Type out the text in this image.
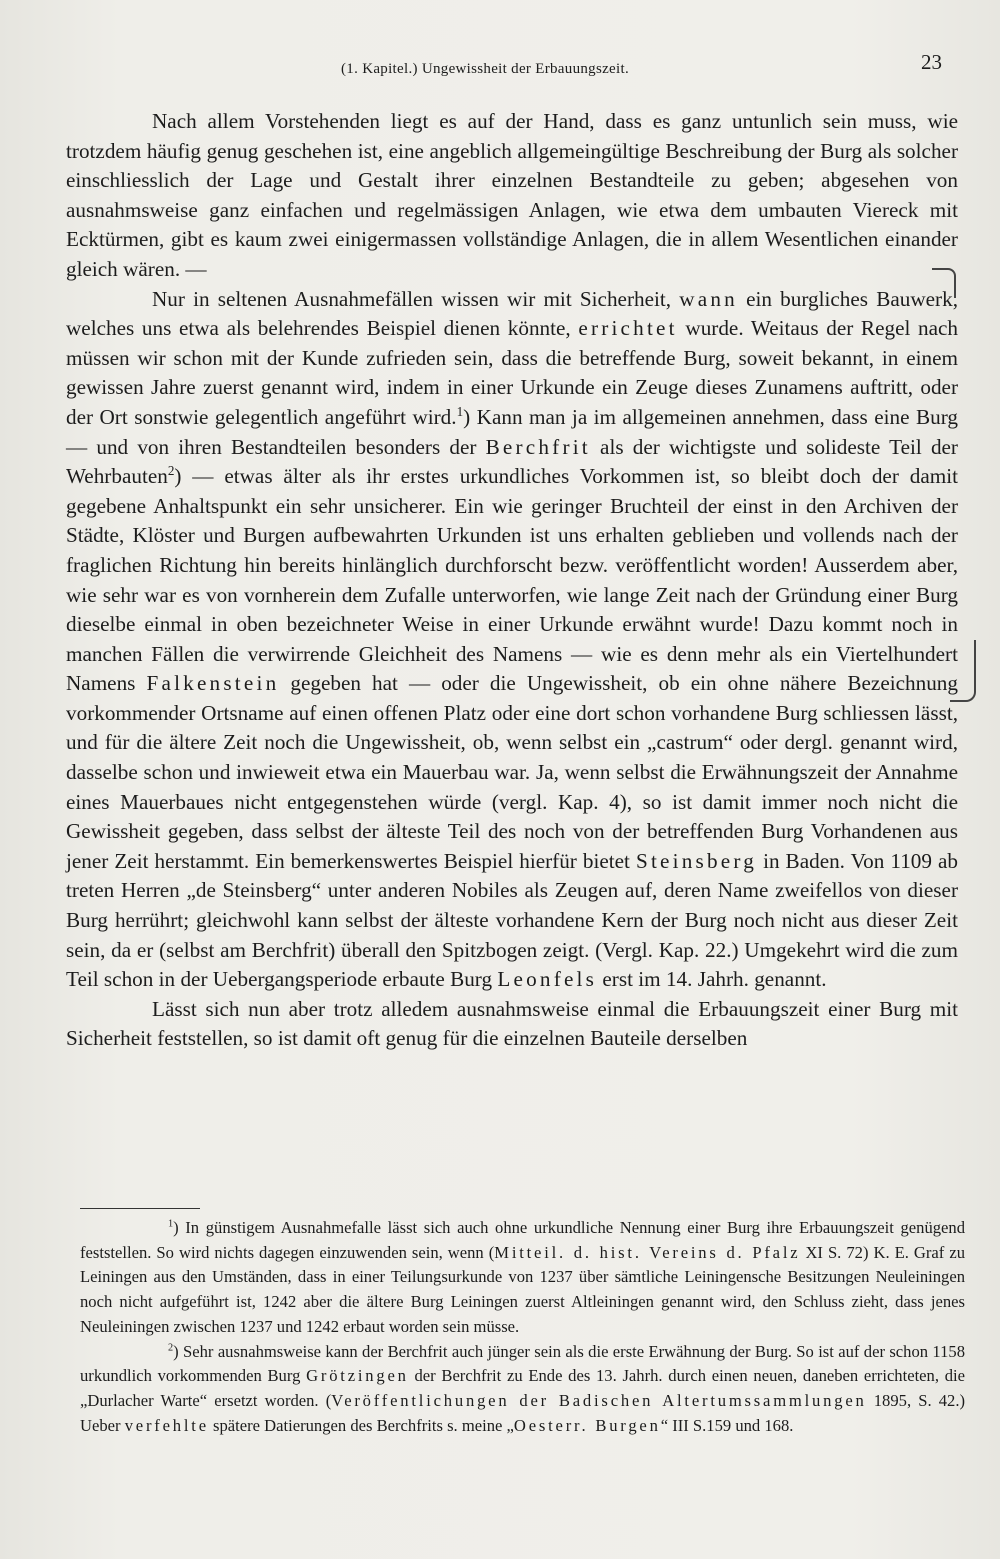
(1. Kapitel.) Ungewissheit der Erbauungszeit.	23

Nach allem Vorstehenden liegt es auf der Hand, dass es ganz untunlich sein muss, wie trotzdem häufig genug geschehen ist, eine angeblich allgemeingültige Beschreibung der Burg als solcher einschliesslich der Lage und Gestalt ihrer einzelnen Bestandteile zu geben; abgesehen von ausnahmsweise ganz einfachen und regelmässigen Anlagen, wie etwa dem umbauten Viereck mit Ecktürmen, gibt es kaum zwei einigermassen vollständige Anlagen, die in allem Wesentlichen einander gleich wären. —

Nur in seltenen Ausnahmefällen wissen wir mit Sicherheit, wann ein burgliches Bauwerk, welches uns etwa als belehrendes Beispiel dienen könnte, errichtet wurde. Weitaus der Regel nach müssen wir schon mit der Kunde zufrieden sein, dass die betreffende Burg, soweit bekannt, in einem gewissen Jahre zuerst genannt wird, indem in einer Urkunde ein Zeuge dieses Zunamens auftritt, oder der Ort sonstwie gelegentlich angeführt wird.$^1$) Kann man ja im allgemeinen annehmen, dass eine Burg — und von ihren Bestandteilen besonders der Berchfrit als der wichtigste und solideste Teil der Wehrbauten$^2$) — etwas älter als ihr erstes urkundliches Vorkommen ist, so bleibt doch der damit gegebene Anhaltspunkt ein sehr unsicherer. Ein wie geringer Bruchteil der einst in den Archiven der Städte, Klöster und Burgen aufbewahrten Urkunden ist uns erhalten geblieben und vollends nach der fraglichen Richtung hin bereits hinlänglich durchforscht bezw. veröffentlicht worden! Ausserdem aber, wie sehr war es von vornherein dem Zufalle unterworfen, wie lange Zeit nach der Gründung einer Burg dieselbe einmal in oben bezeichneter Weise in einer Urkunde erwähnt wurde! Dazu kommt noch in manchen Fällen die verwirrende Gleichheit des Namens — wie es denn mehr als ein Viertelhundert Namens Falkenstein gegeben hat — oder die Ungewissheit, ob ein ohne nähere Bezeichnung vorkommender Ortsname auf einen offenen Platz oder eine dort schon vorhandene Burg schliessen lässt, und für die ältere Zeit noch die Ungewissheit, ob, wenn selbst ein „castrum“ oder dergl. genannt wird, dasselbe schon und inwieweit etwa ein Mauerbau war. Ja, wenn selbst die Erwähnungszeit der Annahme eines Mauerbaues nicht entgegenstehen würde (vergl. Kap. 4), so ist damit immer noch nicht die Gewissheit gegeben, dass selbst der älteste Teil des noch von der betreffenden Burg Vorhandenen aus jener Zeit herstammt. Ein bemerkenswertes Beispiel hierfür bietet Steinsberg in Baden. Von 1109 ab treten Herren „de Steinsberg“ unter anderen Nobiles als Zeugen auf, deren Name zweifellos von dieser Burg herrührt; gleichwohl kann selbst der älteste vorhandene Kern der Burg noch nicht aus dieser Zeit sein, da er (selbst am Berchfrit) überall den Spitzbogen zeigt. (Vergl. Kap. 22.) Umgekehrt wird die zum Teil schon in der Uebergangsperiode erbaute Burg Leonfels erst im 14. Jahrh. genannt.

Lässt sich nun aber trotz alledem ausnahmsweise einmal die Erbauungszeit einer Burg mit Sicherheit feststellen, so ist damit oft genug für die einzelnen Bauteile derselben

$^1$) In günstigem Ausnahmefalle lässt sich auch ohne urkundliche Nennung einer Burg ihre Erbauungszeit genügend feststellen. So wird nichts dagegen einzuwenden sein, wenn (Mitteil. d. hist. Vereins d. Pfalz XI S. 72) K. E. Graf zu Leiningen aus den Umständen, dass in einer Teilungsurkunde von 1237 über sämtliche Leiningensche Besitzungen Neuleiningen noch nicht aufgeführt ist, 1242 aber die ältere Burg Leiningen zuerst Altleiningen genannt wird, den Schluss zieht, dass jenes Neuleiningen zwischen 1237 und 1242 erbaut worden sein müsse.

$^2$) Sehr ausnahmsweise kann der Berchfrit auch jünger sein als die erste Erwähnung der Burg. So ist auf der schon 1158 urkundlich vorkommenden Burg Grötzingen der Berchfrit zu Ende des 13. Jahrh. durch einen neuen, daneben errichteten, die „Durlacher Warte“ ersetzt worden. (Veröffentlichungen der Badischen Altertumssammlungen 1895, S. 42.) Ueber verfehlte spätere Datierungen des Berchfrits s. meine „Oesterr. Burgen“ III S.159 und 168.
